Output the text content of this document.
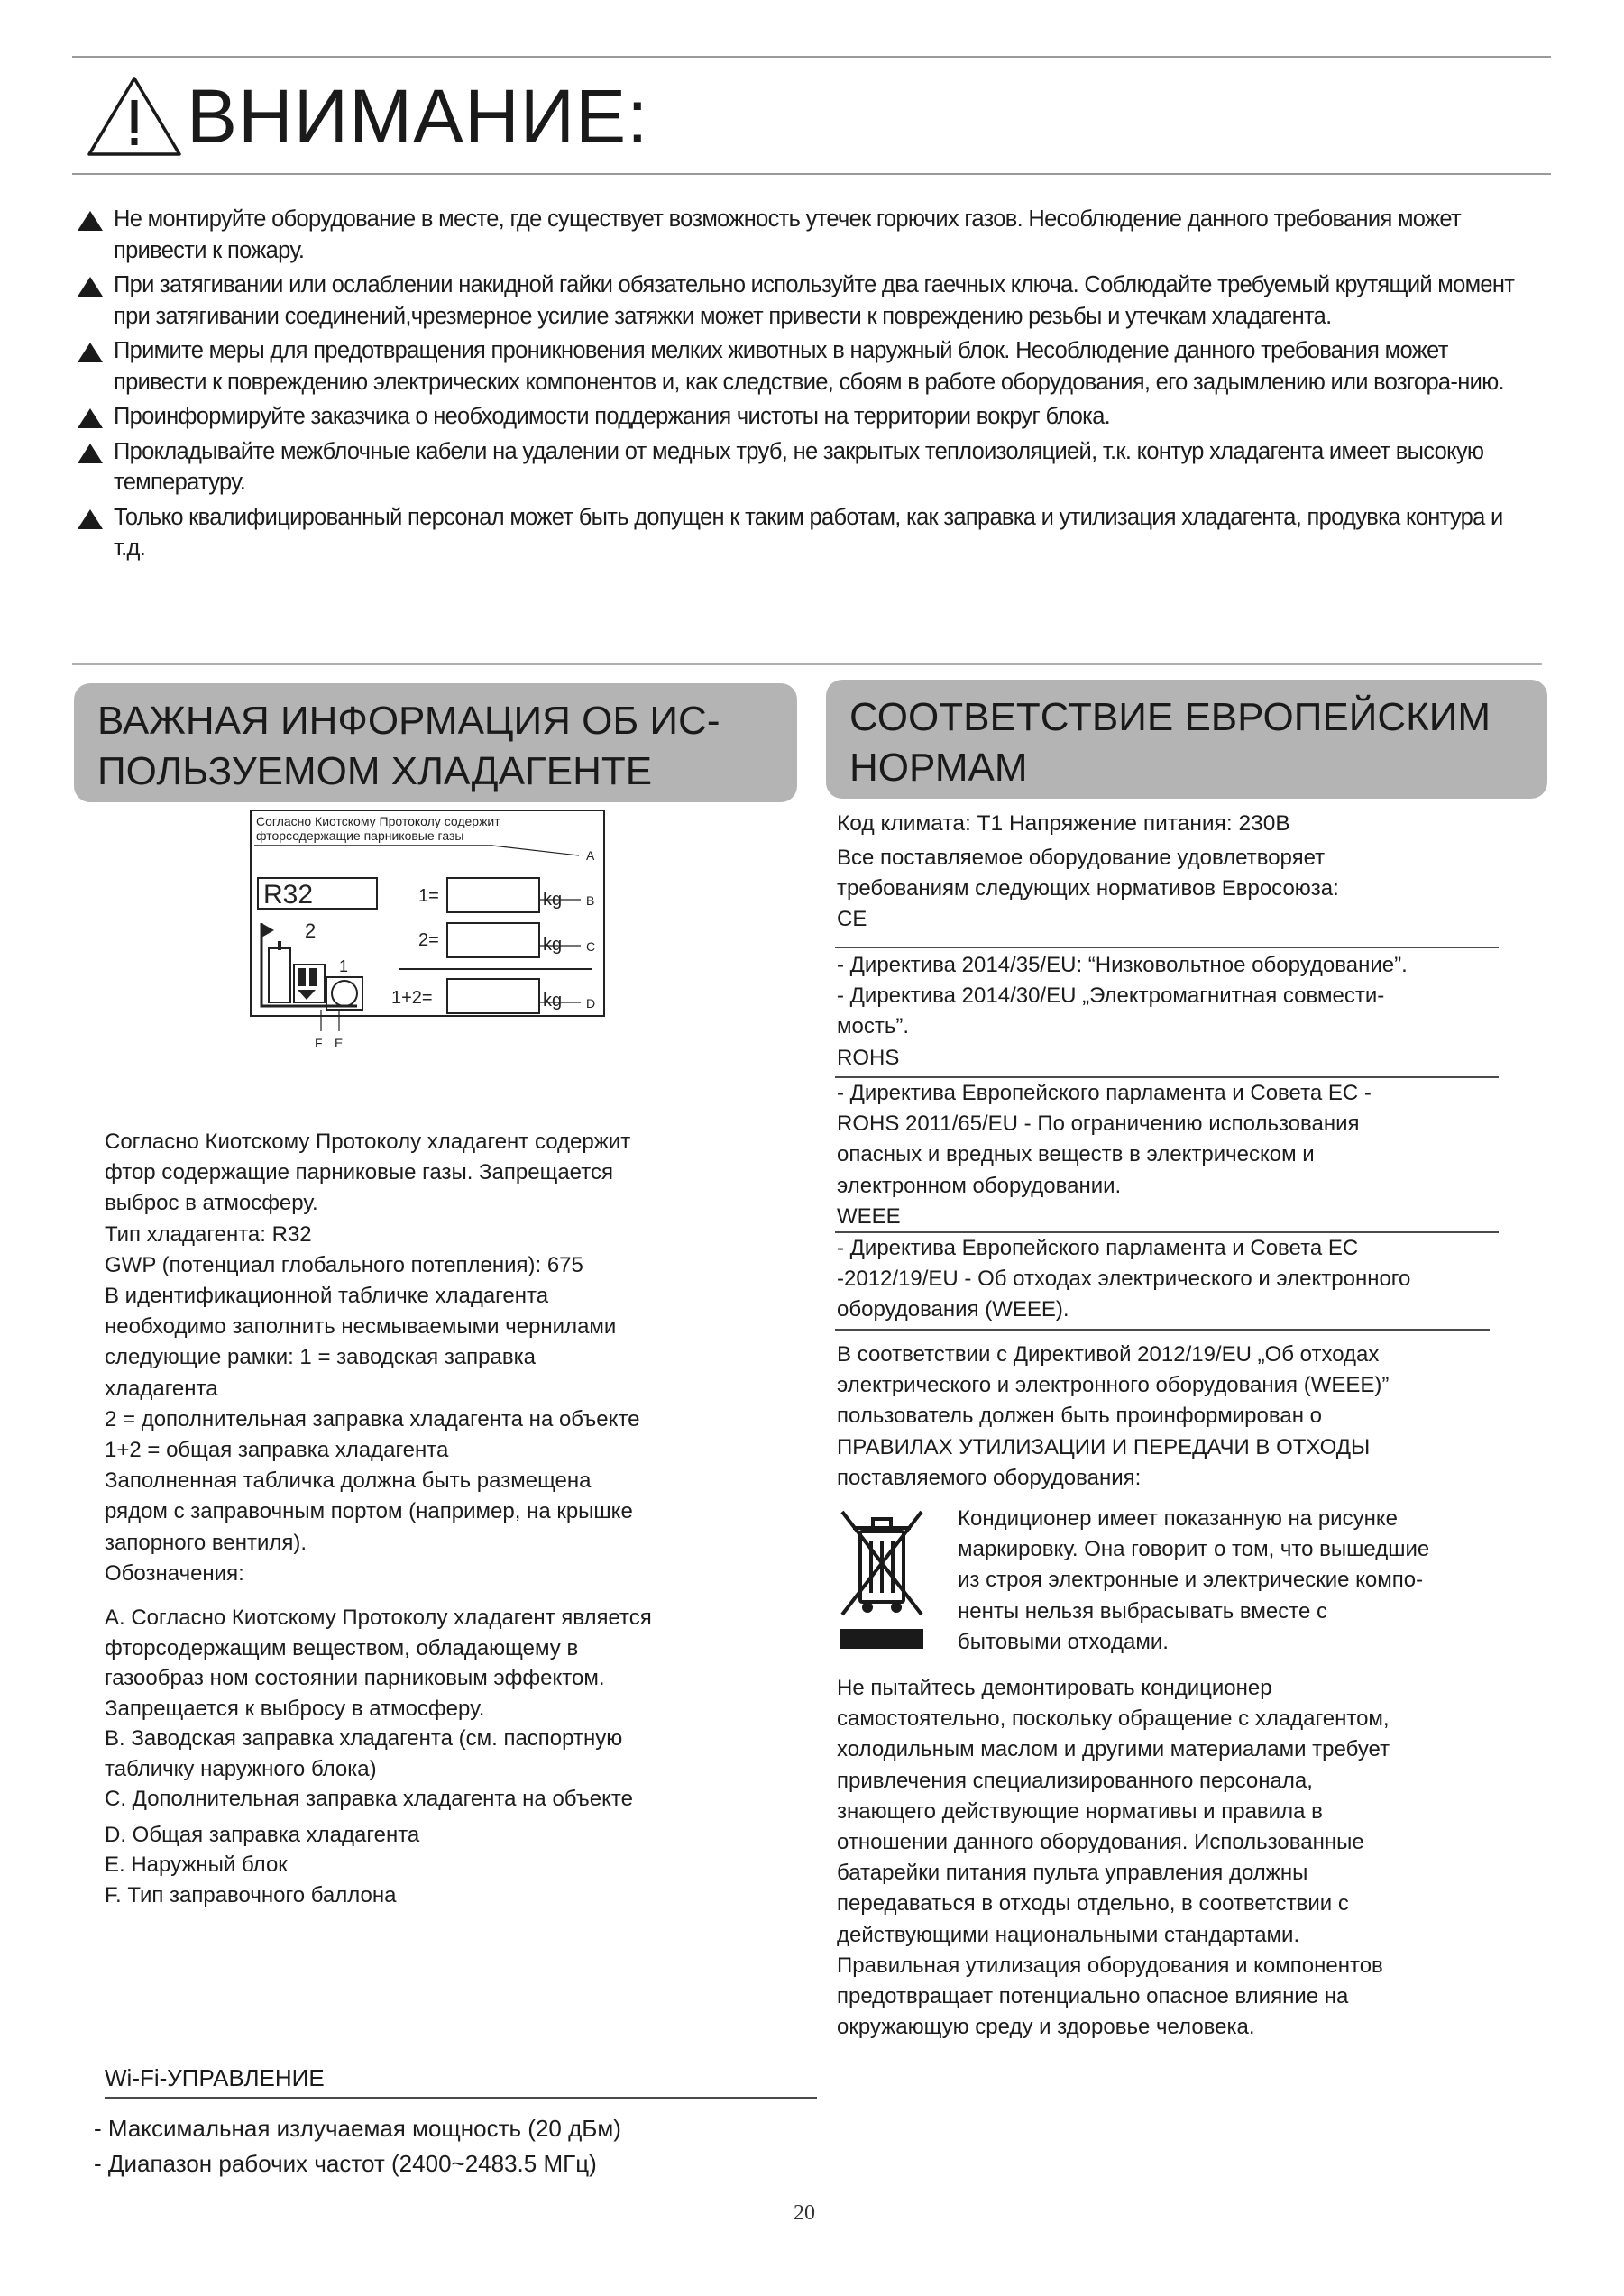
ВНИМАНИЕ:
Не монтируйте оборудование в месте, где существует возможность утечек горючих газов. Несоблюдение данного требования может привести к пожару.
При затягивании или ослаблении накидной гайки обязательно используйте два гаечных ключа. Соблюдайте требуемый крутящий момент при затягивании соединений,чрезмерное усилие затяжки может привести к повреждению резьбы и утечкам хладагента.
Примите меры для предотвращения проникновения мелких животных в наружный блок. Несоблюдение данного требования может привести к повреждению электрических компонентов и, как следствие, сбоям в работе оборудования, его задымлению или возгора-нию.
Проинформируйте заказчика о необходимости поддержания чистоты на территории вокруг блока.
Прокладывайте межблочные кабели на удалении от медных труб, не закрытых теплоизоляцией, т.к. контур хладагента имеет высокую температуру.
Только квалифицированный персонал может быть допущен к таким работам, как заправка и утилизация хладагента, продувка контура и т.д.
ВАЖНАЯ ИНФОРМАЦИЯ ОБ ИС-
ПОЛЬЗУЕМОМ ХЛАДАГЕНТЕ
СООТВЕТСТВИЕ ЕВРОПЕЙСКИМ
НОРМАМ
Согласно Киотскому Протоколу содержит
фторсодержащие парниковые газы
R32	1=	kg
2=	kg
1+2=	kg
A
B
C
D
2
1
F E

Согласно Киотскому Протоколу хладагент содержит

фтор содержащие парниковые газы. Запрещается

выброс в атмосферу.

Тип хладагента: R32

GWP (потенциал глобального потепления): 675

В идентификационной табличке хладагента

необходимо заполнить несмываемыми чернилами

следующие рамки: 1 = заводская заправка

хладагента

2 = дополнительная заправка хладагента на объекте

1+2 = общая заправка хладагента

Заполненная табличка должна быть размещена

рядом с заправочным портом (например, на крышке

запорного вентиля).

Обозначения:

A. Согласно Киотскому Протоколу хладагент является

фторсодержащим веществом, обладающему в

газообраз ном состоянии парниковым эффектом.

Запрещается к выбросу в атмосферу.

B. Заводская заправка хладагента (см. паспортную

табличку наружного блока)

C. Дополнительная заправка хладагента на объекте

D. Общая заправка хладагента

E. Наружный блок

F. Тип заправочного баллона

Код климата: Т1 Напряжение питания: 230В

Все поставляемое оборудование удовлетворяет

требованиям следующих нормативов Евросоюза:

CE

- Директива 2014/35/EU: “Низковольтное оборудование”.

- Директива 2014/30/EU „Электромагнитная совмести-

мость”.

ROHS

- Директива Европейского парламента и Совета ЕС -

ROHS 2011/65/EU - По ограничению использования

опасных и вредных веществ в электрическом и

электронном оборудовании.

WEEE

- Директива Европейского парламента и Совета ЕС

-2012/19/EU - Об отходах электрического и электронного

оборудования (WEEE).

В соответствии с Директивой 2012/19/EU „Об отходах

электрического и электронного оборудования (WEEE)”

пользователь должен быть проинформирован о

ПРАВИЛАХ УТИЛИЗАЦИИ И ПЕРЕДАЧИ В ОТХОДЫ

поставляемого оборудования:

Кондиционер имеет показанную на рисунке

маркировку. Она говорит о том, что вышедшие

из строя электронные и электрические компо-

ненты нельзя выбрасывать вместе с

бытовыми отходами.

Не пытайтесь демонтировать кондиционер

самостоятельно, поскольку обращение с хладагентом,

холодильным маслом и другими материалами требует

привлечения специализированного персонала,

знающего действующие нормативы и правила в

отношении данного оборудования. Использованные

батарейки питания пульта управления должны

передаваться в отходы отдельно, в соответствии с

действующими национальными стандартами.

Правильная утилизация оборудования и компонентов

предотвращает потенциально опасное влияние на

окружающую среду и здоровье человека.

Wi-Fi-УПРАВЛЕНИЕ

- Максимальная излучаемая мощность (20 дБм)

- Диапазон рабочих частот (2400~2483.5 МГц)

20
